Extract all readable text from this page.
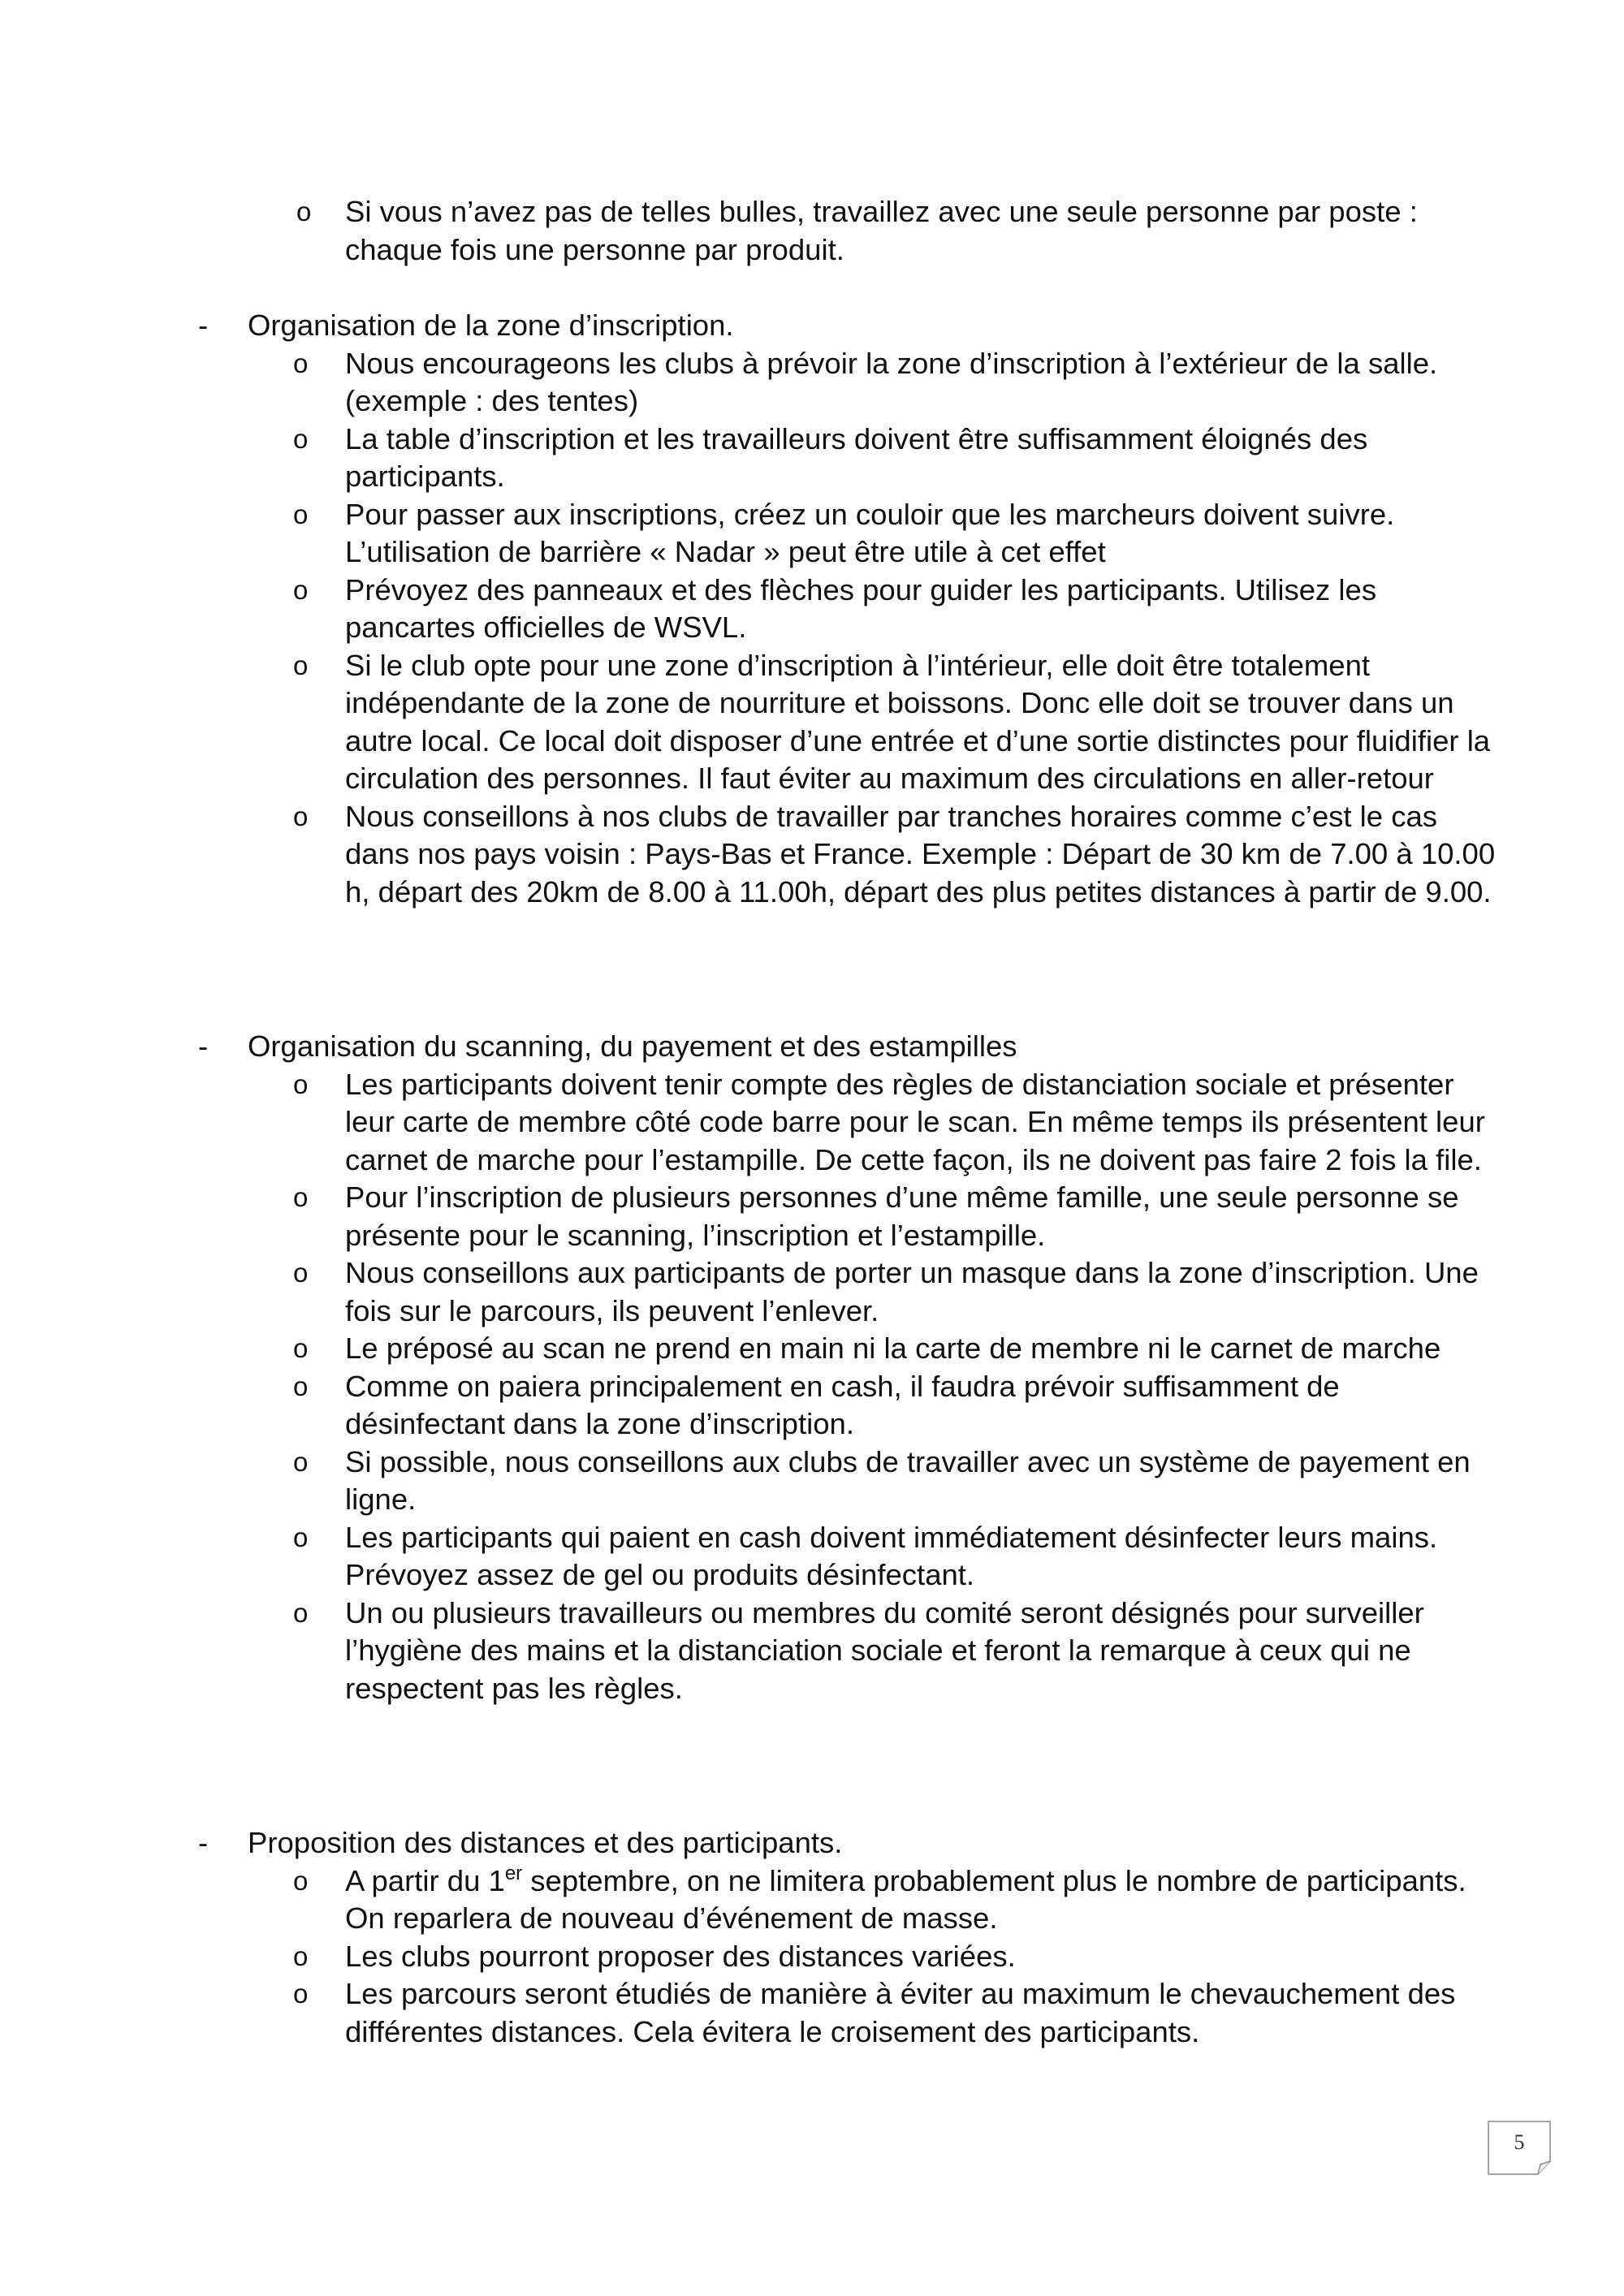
o Si vous n’avez pas de telles bulles, travaillez avec une seule personne par poste : chaque fois une personne par produit.
- Organisation de la zone d’inscription.
o Nous encourageons les clubs à prévoir la zone d’inscription à l’extérieur de la salle. (exemple : des tentes)
o La table d’inscription et les travailleurs doivent être suffisamment éloignés des participants.
o Pour passer aux inscriptions, créez un couloir que les marcheurs doivent suivre. L’utilisation de barrière « Nadar » peut être utile à cet effet
o Prévoyez des panneaux et des flèches pour guider les participants. Utilisez les pancartes officielles de WSVL.
o Si le club opte pour une zone d’inscription à l’intérieur, elle doit être totalement indépendante de la zone de nourriture et boissons. Donc elle doit se trouver dans un autre local. Ce local doit disposer d’une entrée et d’une sortie distinctes pour fluidifier la circulation des personnes. Il faut éviter au maximum des circulations en aller-retour
o Nous conseillons à nos clubs de travailler par tranches horaires comme c’est le cas dans nos pays voisin : Pays-Bas et France. Exemple : Départ de 30 km de 7.00 à 10.00 h, départ des 20km de 8.00 à 11.00h, départ des plus petites distances à partir de 9.00.
- Organisation du scanning, du payement et des estampilles
o Les participants doivent tenir compte des règles de distanciation sociale et présenter leur carte de membre côté code barre pour le scan. En même temps ils présentent leur carnet de marche pour l’estampille. De cette façon, ils ne doivent pas faire 2 fois la file.
o Pour l’inscription de plusieurs personnes d’une même famille, une seule personne se présente pour le scanning, l’inscription et l’estampille.
o Nous conseillons aux participants de porter un masque dans la zone d’inscription. Une fois sur le parcours, ils peuvent l’enlever.
o Le préposé au scan ne prend en main ni la carte de membre ni le carnet de marche
o Comme on paiera principalement en cash, il faudra prévoir suffisamment de désinfectant dans la zone d’inscription.
o Si possible, nous conseillons aux clubs de travailler avec un système de payement en ligne.
o Les participants qui paient en cash doivent immédiatement désinfecter leurs mains. Prévoyez assez de gel ou produits désinfectant.
o Un ou plusieurs travailleurs ou membres du comité seront désignés pour surveiller l’hygiène des mains et la distanciation sociale et feront la remarque à ceux qui ne respectent pas les règles.
- Proposition des distances et des participants.
o A partir du 1er septembre, on ne limitera probablement plus le nombre de participants. On reparlera de nouveau d’événement de masse.
o Les clubs pourront proposer des distances variées.
o Les parcours seront étudiés de manière à éviter au maximum le chevauchement des différentes distances. Cela évitera le croisement des participants.
5
